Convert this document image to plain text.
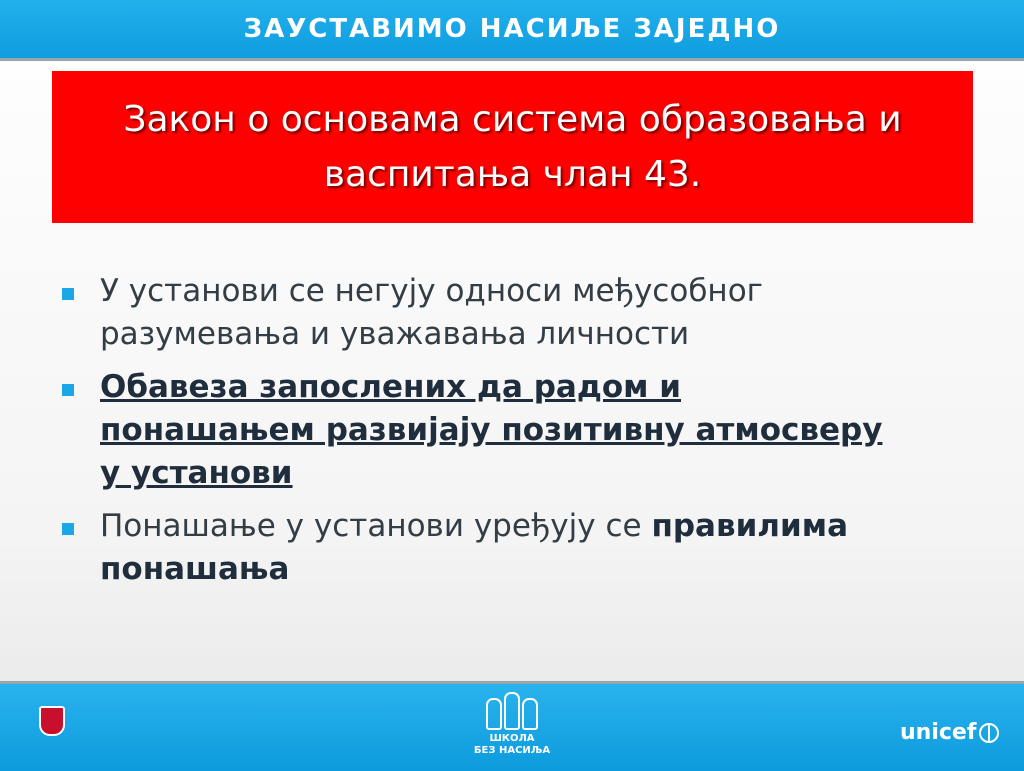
ЗАУСТАВИМО НАСИЉЕ ЗАЈЕДНО
Закон о основама система образовања и
васпитања члан 43.
У установи се негују односи међусобног
разумевања и уважавања личности
Обавеза запослених да радом и
понашањем развијају позитивну атмосверу
у установи
Понашање у установи уређују се правилима
понашања
ШКОЛА
БЕЗ НАСИЉА
unicef
